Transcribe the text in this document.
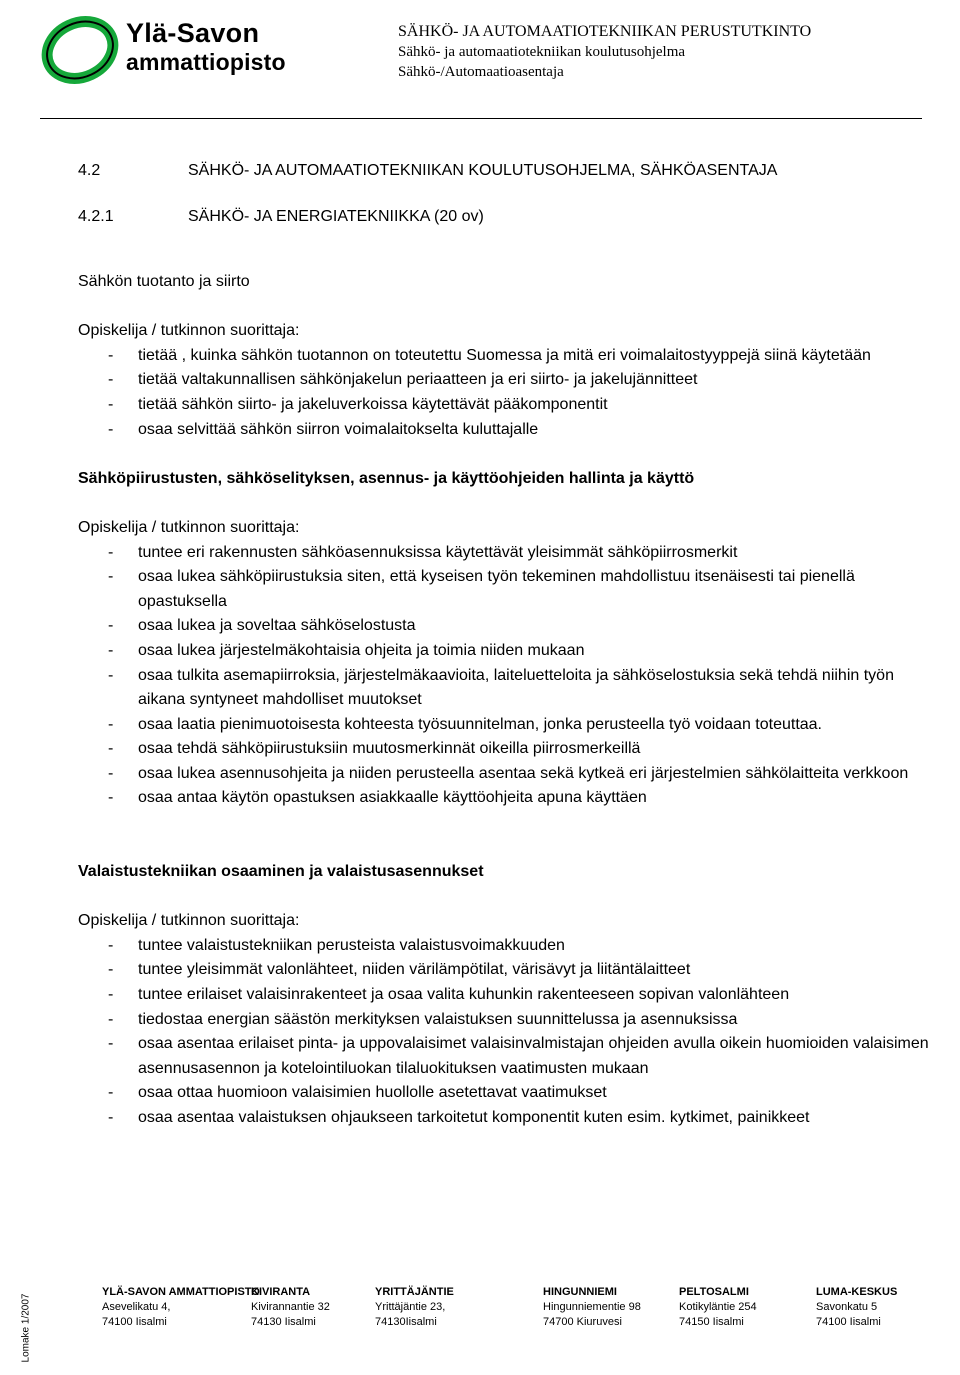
Ylä-Savon
ammattiopisto
SÄHKÖ- JA AUTOMAATIOTEKNIIKAN PERUSTUTKINTO
Sähkö- ja automaatiotekniikan koulutusohjelma
Sähkö-/Automaatioasentaja
4.2	SÄHKÖ- JA AUTOMAATIOTEKNIIKAN KOULUTUSOHJELMA, SÄHKÖASENTAJA
4.2.1	SÄHKÖ- JA ENERGIATEKNIIKKA (20 ov)

Sähkön tuotanto ja siirto

Opiskelija / tutkinnon suorittaja:

- tietää , kuinka sähkön tuotannon on toteutettu Suomessa ja mitä eri voimalaitostyyppejä siinä käytetään
- tietää valtakunnallisen sähkönjakelun periaatteen ja eri siirto- ja jakelujännitteet
- tietää sähkön siirto- ja jakeluverkoissa käytettävät pääkomponentit
- osaa selvittää sähkön siirron voimalaitokselta kuluttajalle

Sähköpiirustusten, sähköselityksen, asennus- ja käyttöohjeiden hallinta ja käyttö

Opiskelija / tutkinnon suorittaja:

- tuntee eri rakennusten sähköasennuksissa käytettävät yleisimmät sähköpiirrosmerkit
- osaa lukea sähköpiirustuksia siten, että kyseisen työn tekeminen mahdollistuu itsenäisesti tai pienellä opastuksella
- osaa lukea ja soveltaa sähköselostusta
- osaa lukea järjestelmäkohtaisia ohjeita ja toimia niiden mukaan
- osaa tulkita asemapiirroksia, järjestelmäkaavioita, laiteluetteloita ja sähköselostuksia sekä tehdä niihin työn aikana syntyneet mahdolliset muutokset
- osaa laatia pienimuotoisesta kohteesta työsuunnitelman, jonka perusteella työ voidaan toteuttaa.
- osaa tehdä sähköpiirustuksiin muutosmerkinnät oikeilla piirrosmerkeillä
- osaa lukea asennusohjeita ja niiden perusteella asentaa sekä kytkeä eri järjestelmien sähkölaitteita verkkoon
- osaa antaa käytön opastuksen asiakkaalle käyttöohjeita apuna käyttäen

Valaistustekniikan osaaminen ja valaistusasennukset

Opiskelija / tutkinnon suorittaja:

- tuntee valaistustekniikan perusteista valaistusvoimakkuuden
- tuntee yleisimmät valonlähteet, niiden värilämpötilat, värisävyt ja liitäntälaitteet
- tuntee erilaiset valaisinrakenteet ja osaa valita kuhunkin rakenteeseen sopivan valonlähteen
- tiedostaa energian säästön merkityksen valaistuksen suunnittelussa ja asennuksissa
- osaa asentaa erilaiset pinta- ja uppovalaisimet valaisinvalmistajan ohjeiden avulla oikein huomioiden valaisimen asennusasennon ja kotelointiluokan tilaluokituksen vaatimusten mukaan
- osaa ottaa huomioon valaisimien huollolle asetettavat vaatimukset
- osaa asentaa valaistuksen ohjaukseen tarkoitetut komponentit kuten esim. kytkimet, painikkeet
Lomake 1/2007
YLÄ-SAVON AMMATTIOPISTO
Asevelikatu 4,
74100 Iisalmi
KIVIRANTA
Kivirannantie 32
74130 Iisalmi
YRITTÄJÄNTIE
Yrittäjäntie 23,
74130Iisalmi
HINGUNNIEMI
Hingunniementie 98
74700 Kiuruvesi
PELTOSALMI
Kotikyläntie 254
74150 Iisalmi
LUMA-KESKUS
Savonkatu 5
74100 Iisalmi
